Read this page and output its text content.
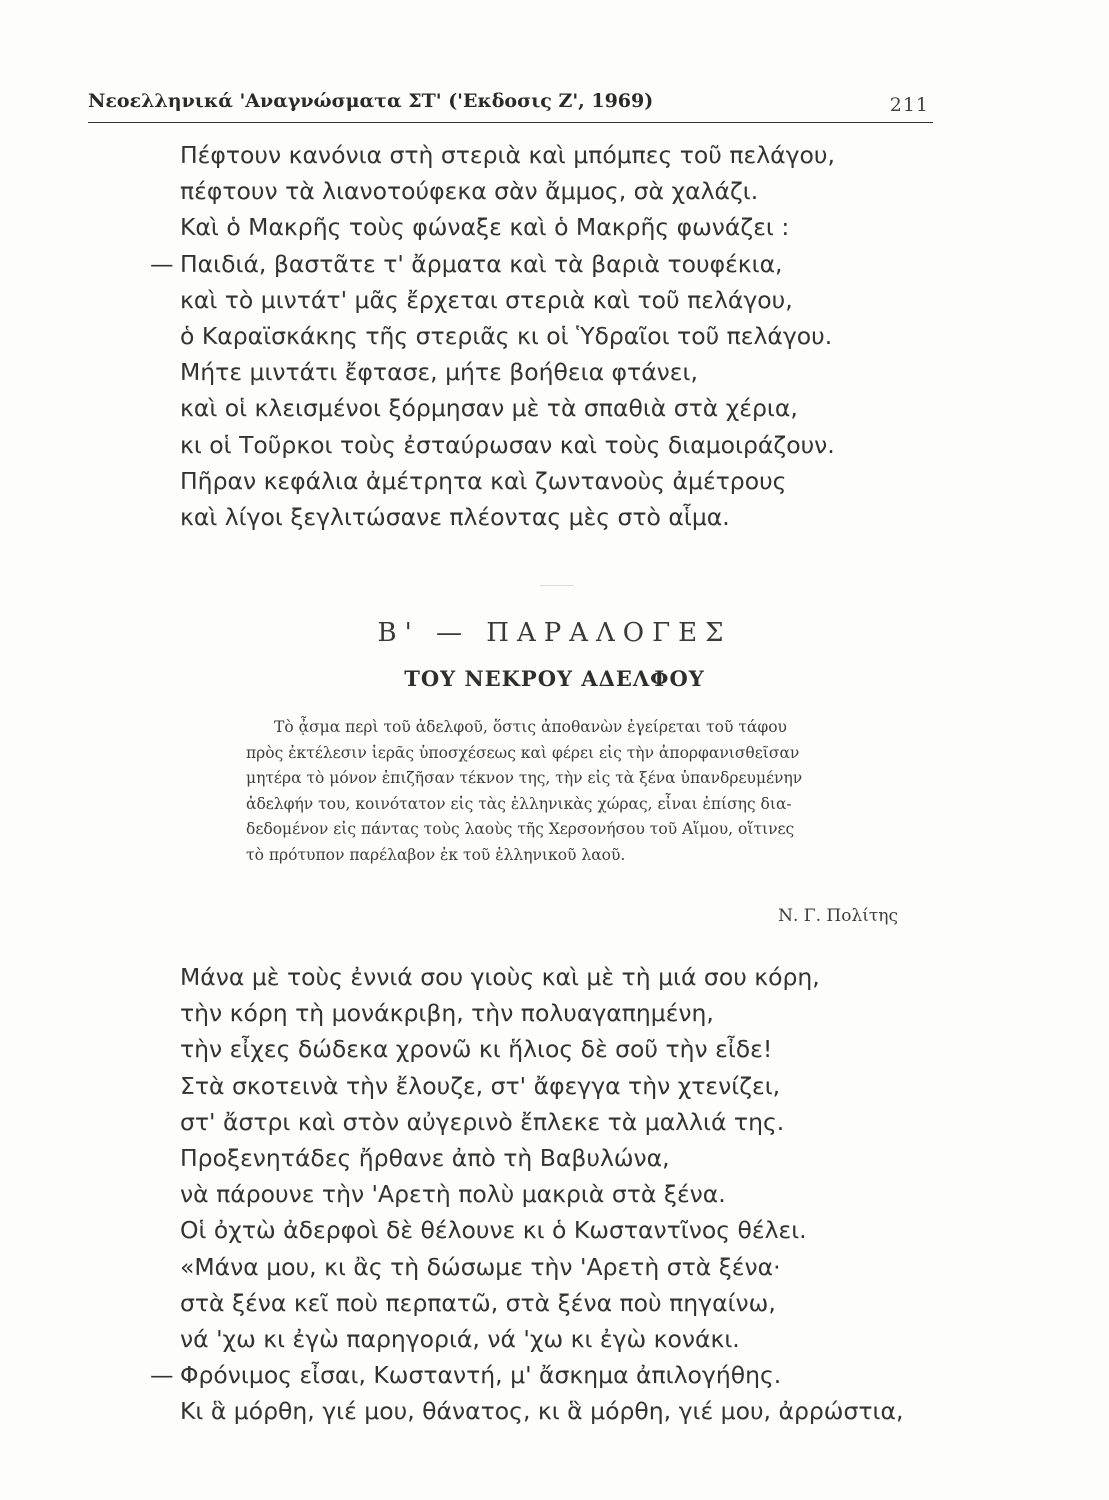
Νεοελληνικά 'Αναγνώσματα ΣΤ' ('Εκδοσις Ζ', 1969)	211
Πέφτουν κανόνια στὴ στεριὰ καὶ μπόμπες τοῦ πελάγου,
πέφτουν τὰ λιανοτούφεκα σὰν ἄμμος, σὰ χαλάζι.
Καὶ ὁ Μακρῆς τοὺς φώναξε καὶ ὁ Μακρῆς φωνάζει :
— Παιδιά, βαστᾶτε τ' ἄρματα καὶ τὰ βαριὰ τουφέκια,
καὶ τὸ μιντάτ' μᾶς ἔρχεται στεριὰ καὶ τοῦ πελάγου,
ὁ Καραϊσκάκης τῆς στεριᾶς κι οἱ Ὑδραῖοι τοῦ πελάγου.
Μήτε μιντάτι ἔφτασε, μήτε βοήθεια φτάνει,
καὶ οἱ κλεισμένοι ξόρμησαν μὲ τὰ σπαθιὰ στὰ χέρια,
κι οἱ Τοῦρκοι τοὺς ἐσταύρωσαν καὶ τοὺς διαμοιράζουν.
Πῆραν κεφάλια ἀμέτρητα καὶ ζωντανοὺς ἀμέτρους
καὶ λίγοι ξεγλιτώσανε πλέοντας μὲς στὸ αἷμα.
Β' — ΠΑΡΑΛΟΓΕΣ
ΤΟΥ ΝΕΚΡΟΥ ΑΔΕΛΦΟΥ
Τὸ ᾆσμα περὶ τοῦ ἀδελφοῦ, ὅστις ἀποθανὼν ἐγείρεται τοῦ τάφου
πρὸς ἐκτέλεσιν ἱερᾶς ὑποσχέσεως καὶ φέρει εἰς τὴν ἀπορφανισθεῖσαν
μητέρα τὸ μόνον ἐπιζῆσαν τέκνον της, τὴν εἰς τὰ ξένα ὑπανδρευμένην
ἀδελφήν του, κοινότατον εἰς τὰς ἑλληνικὰς χώρας, εἶναι ἐπίσης δια-
δεδομένον εἰς πάντας τοὺς λαοὺς τῆς Χερσονήσου τοῦ Αἵμου, οἵτινες
τὸ πρότυπον παρέλαβον ἐκ τοῦ ἑλληνικοῦ λαοῦ.
Ν. Γ. Πολίτης
Μάνα μὲ τοὺς ἐννιά σου γιοὺς καὶ μὲ τὴ μιά σου κόρη,
τὴν κόρη τὴ μονάκριβη, τὴν πολυαγαπημένη,
τὴν εἶχες δώδεκα χρονῶ κι ἥλιος δὲ σοῦ τὴν εἶδε!
Στὰ σκοτεινὰ τὴν ἔλουζε, στ' ἄφεγγα τὴν χτενίζει,
στ' ἄστρι καὶ στὸν αὐγερινὸ ἔπλεκε τὰ μαλλιά της.
Προξενητάδες ἤρθανε ἀπὸ τὴ Βαβυλώνα,
νὰ πάρουνε τὴν 'Αρετὴ πολὺ μακριὰ στὰ ξένα.
Οἱ ὀχτὼ ἀδερφοὶ δὲ θέλουνε κι ὁ Κωσταντῖνος θέλει.
«Μάνα μου, κι ἂς τὴ δώσωμε τὴν 'Αρετὴ στὰ ξένα·
στὰ ξένα κεῖ ποὺ περπατῶ, στὰ ξένα ποὺ πηγαίνω,
νά 'χω κι ἐγὼ παρηγοριά, νά 'χω κι ἐγὼ κονάκι.
— Φρόνιμος εἶσαι, Κωσταντή, μ' ἄσκημα ἀπιλογήθης.
Κι ἃ μόρθη, γιέ μου, θάνατος, κι ἃ μόρθη, γιέ μου, ἀρρώστια,
